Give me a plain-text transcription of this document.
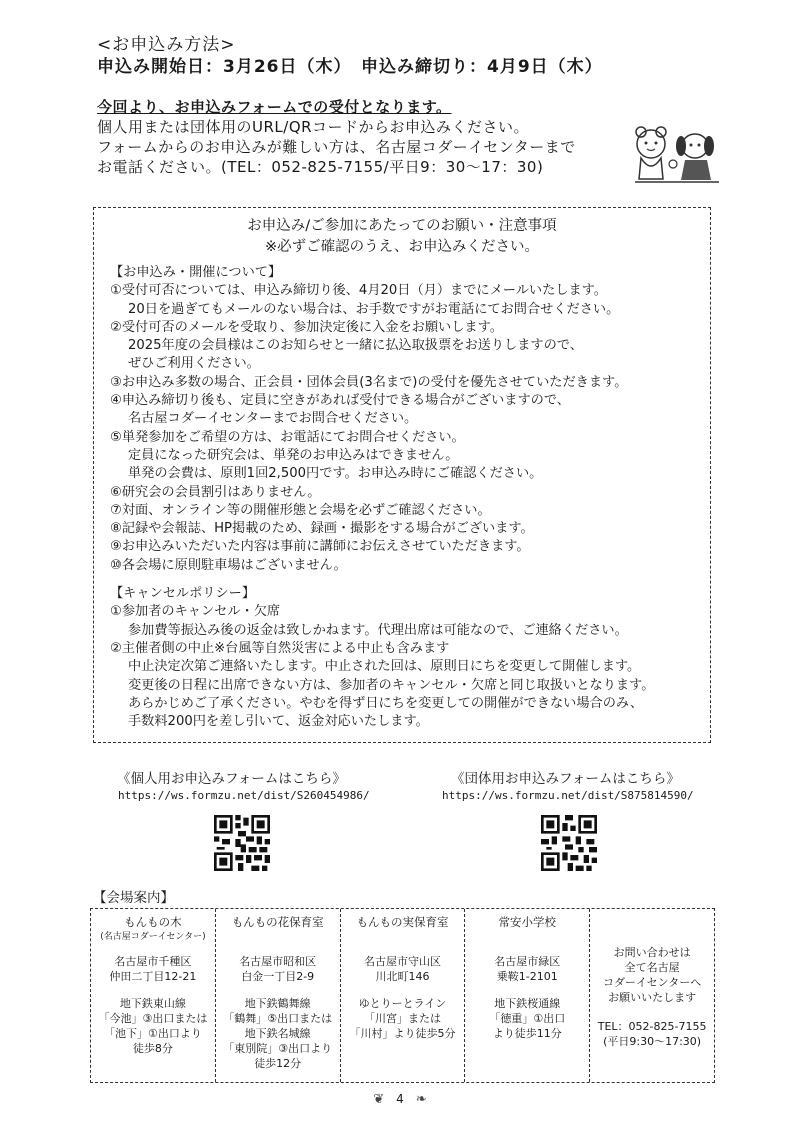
<お申込み方法>
申込み開始日：3月26日（木）　申込み締切り：4月9日（木）
今回より、お申込みフォームでの受付となります。
個人用または団体用のURL/QRコードからお申込みください。
フォームからのお申込みが難しい方は、名古屋コダーイセンターまで
お電話ください。(TEL：052-825-7155/平日9：30～17：30)
お申込み/ご参加にあたってのお願い・注意事項
※必ずご確認のうえ、お申込みください。
【お申込み・開催について】
①受付可否については、申込み締切り後、4月20日（月）までにメールいたします。
20日を過ぎてもメールのない場合は、お手数ですがお電話にてお問合せください。
②受付可否のメールを受取り、参加決定後に入金をお願いします。
2025年度の会員様はこのお知らせと一緒に払込取扱票をお送りしますので、
ぜひご利用ください。
③お申込み多数の場合、正会員・団体会員(3名まで)の受付を優先させていただきます。
④申込み締切り後も、定員に空きがあれば受付できる場合がございますので、
名古屋コダーイセンターまでお問合せください。
⑤単発参加をご希望の方は、お電話にてお問合せください。
定員になった研究会は、単発のお申込みはできません。
単発の会費は、原則1回2,500円です。お申込み時にご確認ください。
⑥研究会の会員割引はありません。
⑦対面、オンライン等の開催形態と会場を必ずご確認ください。
⑧記録や会報誌、HP掲載のため、録画・撮影をする場合がございます。
⑨お申込みいただいた内容は事前に講師にお伝えさせていただきます。
⑩各会場に原則駐車場はございません。
【キャンセルポリシー】
①参加者のキャンセル・欠席
参加費等振込み後の返金は致しかねます。代理出席は可能なので、ご連絡ください。
②主催者側の中止※台風等自然災害による中止も含みます
中止決定次第ご連絡いたします。中止された回は、原則日にちを変更して開催します。
変更後の日程に出席できない方は、参加者のキャンセル・欠席と同じ取扱いとなります。
あらかじめご了承ください。やむを得ず日にちを変更しての開催ができない場合のみ、
手数料200円を差し引いて、返金対応いたします。
《個人用お申込みフォームはこちら》
https://ws.formzu.net/dist/S260454986/
《団体用お申込みフォームはこちら》
https://ws.formzu.net/dist/S875814590/
【会場案内】
もんもの木
(名古屋コダーイセンター)
名古屋市千種区
仲田二丁目12-21
地下鉄東山線
「今池」③出口または
「池下」①出口より
徒歩8分
もんもの花保育室
名古屋市昭和区
白金一丁目2-9
地下鉄鶴舞線
「鶴舞」⑤出口または
地下鉄名城線
「東別院」③出口より
徒歩12分
もんもの実保育室
名古屋市守山区
川北町146
ゆとりーとライン
「川宮」または
「川村」より徒歩5分
常安小学校
名古屋市緑区
乗鞍1-2101
地下鉄桜通線
「徳重」①出口
より徒歩11分
お問い合わせは
全て名古屋
コダーイセンターへ
お願いいたします
TEL：052-825-7155
(平日9:30～17:30)
❦ 4 ❧
